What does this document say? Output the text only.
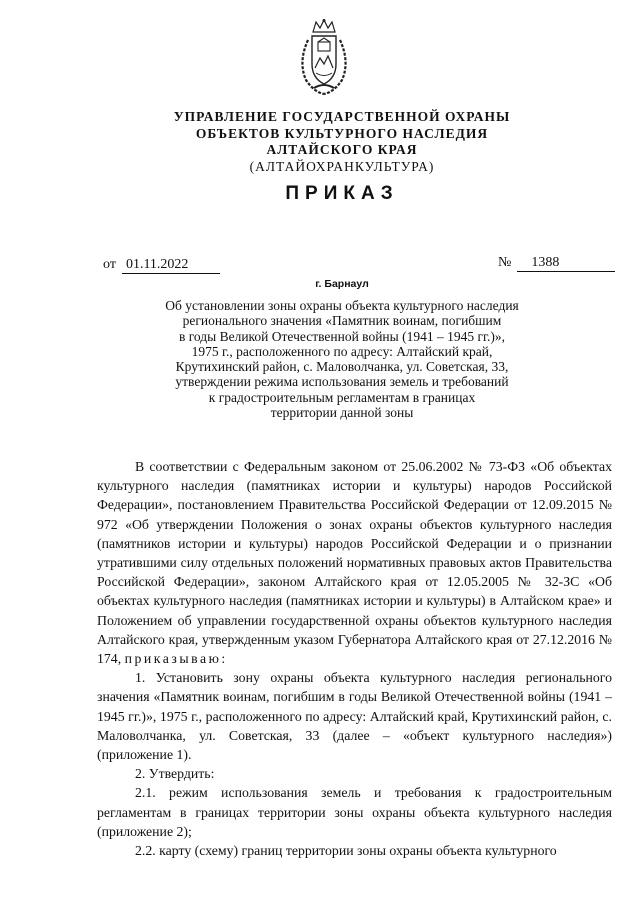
УПРАВЛЕНИЕ ГОСУДАРСТВЕННОЙ ОХРАНЫ
ОБЪЕКТОВ КУЛЬТУРНОГО НАСЛЕДИЯ
АЛТАЙСКОГО КРАЯ
(АЛТАЙОХРАНКУЛЬТУРА)
ПРИКАЗ
от 01.11.2022	№ 1388
г. Барнаул
Об установлении зоны охраны объекта культурного наследия
регионального значения «Памятник воинам, погибшим
в годы Великой Отечественной войны (1941 – 1945 гг.)»,
1975 г., расположенного по адресу: Алтайский край,
Крутихинский район, с. Маловолчанка, ул. Советская, 33,
утверждении режима использования земель и требований
к градостроительным регламентам в границах
территории данной зоны

В соответствии с Федеральным законом от 25.06.2002 № 73-ФЗ «Об объектах культурного наследия (памятниках истории и культуры) народов Российской Федерации», постановлением Правительства Российской Федерации от 12.09.2015 № 972 «Об утверждении Положения о зонах охраны объектов культурного наследия (памятников истории и культуры) народов Российской Федерации и о признании утратившими силу отдельных положений нормативных правовых актов Правительства Российской Федерации», законом Алтайского края от 12.05.2005 № 32-ЗС «Об объектах культурного наследия (памятниках истории и культуры) в Алтайском крае» и Положением об управлении государственной охраны объектов культурного наследия Алтайского края, утвержденным указом Губернатора Алтайского края от 27.12.2016 № 174, приказываю:

1. Установить зону охраны объекта культурного наследия регионального значения «Памятник воинам, погибшим в годы Великой Отечественной войны (1941 – 1945 гг.)», 1975 г., расположенного по адресу: Алтайский край, Крутихинский район, с. Маловолчанка, ул. Советская, 33 (далее – «объект культурного наследия») (приложение 1).

2. Утвердить:

2.1. режим использования земель и требования к градостроительным регламентам в границах территории зоны охраны объекта культурного наследия (приложение 2);

2.2. карту (схему) границ территории зоны охраны объекта культурного
